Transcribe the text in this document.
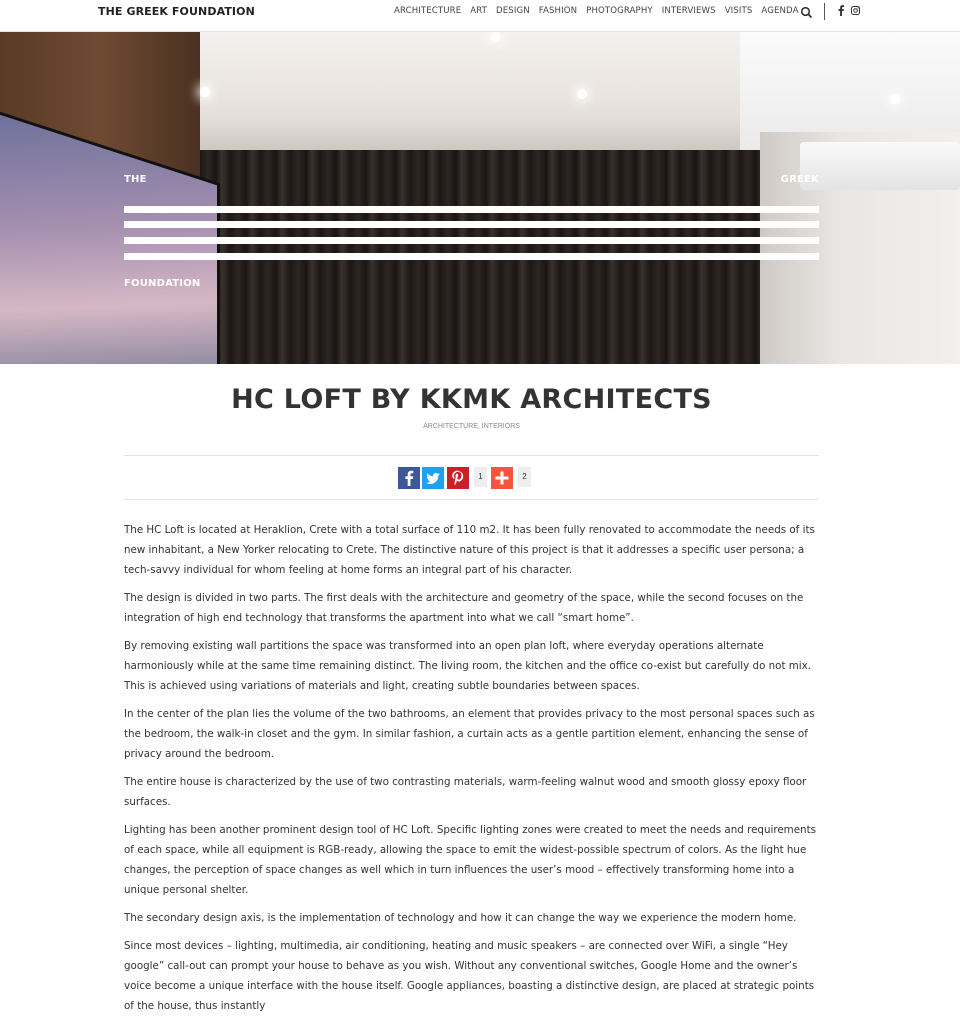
THE GREEK FOUNDATION	ARCHITECTURE ART DESIGN FASHION PHOTOGRAPHY INTERVIEWS VISITS AGENDA
THE	GREEK
FOUNDATION
HC LOFT BY KKMK ARCHITECTS
ARCHITECTURE, INTERIORS
1	2

The HC Loft is located at Heraklion, Crete with a total surface of 110 m2. It has been fully renovated to accommodate the needs of its new inhabitant, a New Yorker relocating to Crete. The distinctive nature of this project is that it addresses a specific user persona; a tech-savvy individual for whom feeling at home forms an integral part of his character.

The design is divided in two parts. The first deals with the architecture and geometry of the space, while the second focuses on the integration of high end technology that transforms the apartment into what we call “smart home”.

By removing existing wall partitions the space was transformed into an open plan loft, where everyday operations alternate harmoniously while at the same time remaining distinct. The living room, the kitchen and the office co-exist but carefully do not mix. This is achieved using variations of materials and light, creating subtle boundaries between spaces.

In the center of the plan lies the volume of the two bathrooms, an element that provides privacy to the most personal spaces such as the bedroom, the walk-in closet and the gym. In similar fashion, a curtain acts as a gentle partition element, enhancing the sense of privacy around the bedroom.

The entire house is characterized by the use of two contrasting materials, warm-feeling walnut wood and smooth glossy epoxy floor surfaces.

Lighting has been another prominent design tool of HC Loft. Specific lighting zones were created to meet the needs and requirements of each space, while all equipment is RGB-ready, allowing the space to emit the widest-possible spectrum of colors. As the light hue changes, the perception of space changes as well which in turn influences the user’s mood – effectively transforming home into a unique personal shelter.

The secondary design axis, is the implementation of technology and how it can change the way we experience the modern home.

Since most devices – lighting, multimedia, air conditioning, heating and music speakers – are connected over WiFi, a single “Hey google” call-out can prompt your house to behave as you wish. Without any conventional switches, Google Home and the owner’s voice become a unique interface with the house itself. Google appliances, boasting a distinctive design, are placed at strategic points of the house, thus instantly
